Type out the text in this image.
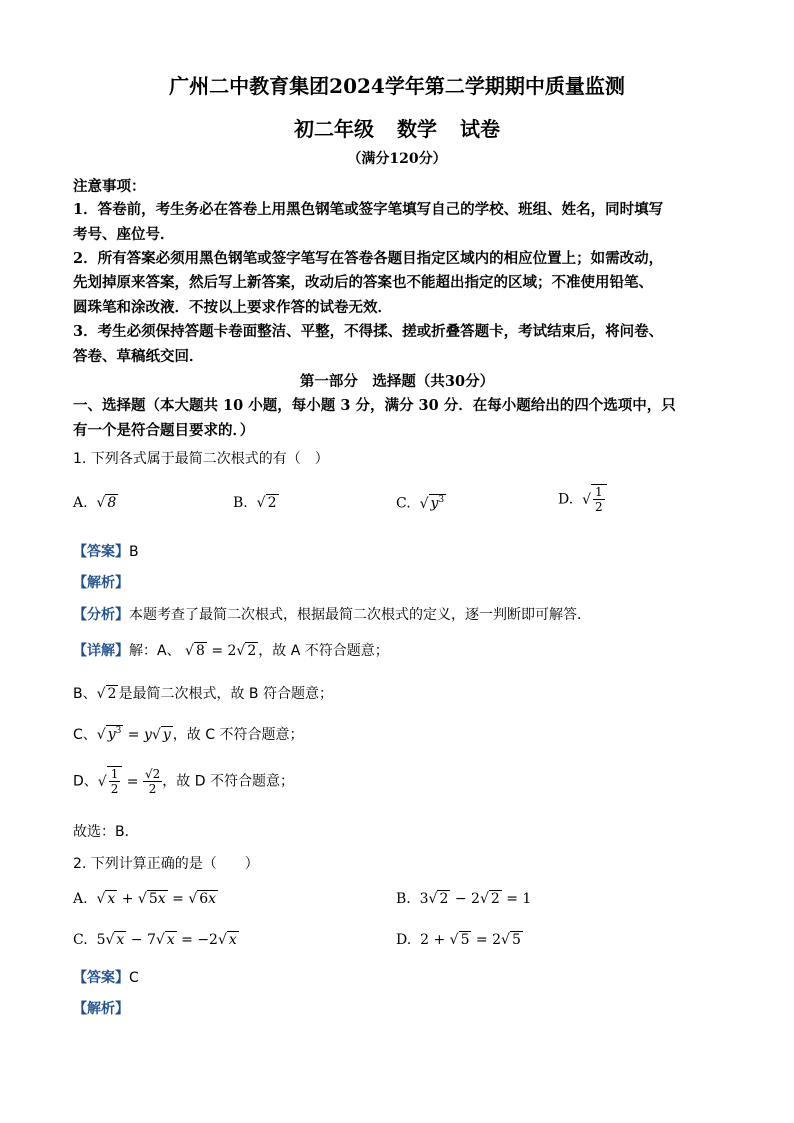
广州二中教育集团2024学年第二学期期中质量监测
初二年级 数学 试卷
（满分120分）
注意事项：
1．答卷前，考生务必在答卷上用黑色钢笔或签字笔填写自己的学校、班组、姓名，同时填写
考号、座位号．
2．所有答案必须用黑色钢笔或签字笔写在答卷各题目指定区域内的相应位置上；如需改动，
先划掉原来答案，然后写上新答案，改动后的答案也不能超出指定的区域；不准使用铅笔、
圆珠笔和涂改液．不按以上要求作答的试卷无效．
3．考生必须保持答题卡卷面整洁、平整，不得揉、搓或折叠答题卡，考试结束后，将问卷、
答卷、草稿纸交回．
第一部分　选择题（共30分）
一、选择题（本大题共 10 小题，每小题 3 分，满分 30 分．在每小题给出的四个选项中，只
有一个是符合题目要求的．）
1. 下列各式属于最简二次根式的有（　）
A.  √ 8	B.  √ 2	C.  √ $y^3$	D.  √ $\frac{1}{2}$
【答案】B
【解析】
【分析】本题考查了最简二次根式，根据最简二次根式的定义，逐一判断即可解答．
【详解】解：A、 √ 8 = 2√ 2 ，故 A 不符合题意；
B、√ 2 是最简二次根式，故 B 符合题意；
C、√ $y^3 = y√$ y ，故 C 不符合题意；
D、√ $\frac{1}{2} = \frac{√2}{2}$ ，故 D 不符合题意；
故选：B．
2. 下列计算正确的是（　　）
A.  √ x + √ 5x = √ 6x	B.  3√ 2 − 2√ 2 = 1
C.  5√ x − 7√ x = −2√ x	D.  2 + √ 5 = 2√ 5
【答案】C
【解析】
